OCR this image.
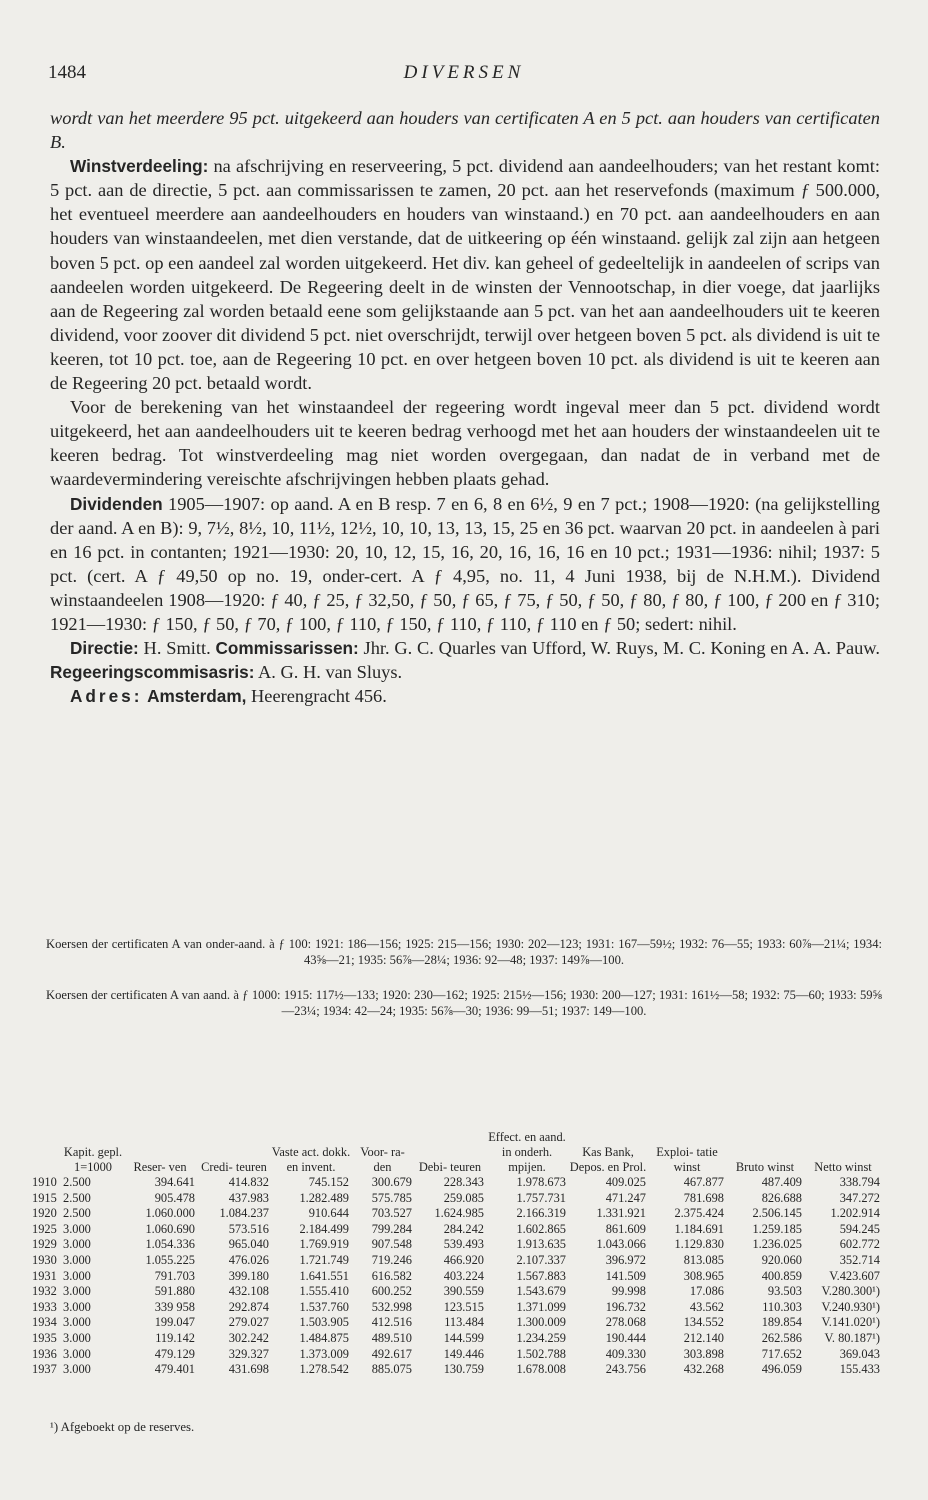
1484	DIVERSEN

wordt van het meerdere 95 pct. uitgekeerd aan houders van certificaten A en 5 pct. aan houders van certificaten B.

Winstverdeeling: na afschrijving en reserveering, 5 pct. dividend aan aandeelhouders; van het restant komt: 5 pct. aan de directie, 5 pct. aan commissarissen te zamen, 20 pct. aan het reservefonds (maximum ƒ 500.000, het eventueel meerdere aan aandeelhouders en houders van winstaand.) en 70 pct. aan aandeelhouders en aan houders van winstaandeelen, met dien verstande, dat de uitkeering op één winstaand. gelijk zal zijn aan hetgeen boven 5 pct. op een aandeel zal worden uitgekeerd. Het div. kan geheel of gedeeltelijk in aandeelen of scrips van aandeelen worden uitgekeerd. De Regeering deelt in de winsten der Vennootschap, in dier voege, dat jaarlijks aan de Regeering zal worden betaald eene som gelijkstaande aan 5 pct. van het aan aandeelhouders uit te keeren dividend, voor zoover dit dividend 5 pct. niet overschrijdt, terwijl over hetgeen boven 5 pct. als dividend is uit te keeren, tot 10 pct. toe, aan de Regeering 10 pct. en over hetgeen boven 10 pct. als dividend is uit te keeren aan de Regeering 20 pct. betaald wordt.

Voor de berekening van het winstaandeel der regeering wordt ingeval meer dan 5 pct. dividend wordt uitgekeerd, het aan aandeelhouders uit te keeren bedrag verhoogd met het aan houders der winstaandeelen uit te keeren bedrag. Tot winstverdeeling mag niet worden overgegaan, dan nadat de in verband met de waardevermindering vereischte afschrijvingen hebben plaats gehad.

Dividenden 1905—1907: op aand. A en B resp. 7 en 6, 8 en 6½, 9 en 7 pct.; 1908—1920: (na gelijkstelling der aand. A en B): 9, 7½, 8½, 10, 11½, 12½, 10, 10, 13, 13, 15, 25 en 36 pct. waarvan 20 pct. in aandeelen à pari en 16 pct. in contanten; 1921—1930: 20, 10, 12, 15, 16, 20, 16, 16, 16 en 10 pct.; 1931—1936: nihil; 1937: 5 pct. (cert. A ƒ 49,50 op no. 19, onder-cert. A ƒ 4,95, no. 11, 4 Juni 1938, bij de N.H.M.). Dividend winstaandeelen 1908—1920: ƒ 40, ƒ 25, ƒ 32,50, ƒ 50, ƒ 65, ƒ 75, ƒ 50, ƒ 50, ƒ 80, ƒ 80, ƒ 100, ƒ 200 en ƒ 310; 1921—1930: ƒ 150, ƒ 50, ƒ 70, ƒ 100, ƒ 110, ƒ 150, ƒ 110, ƒ 110, ƒ 110 en ƒ 50; sedert: nihil.

Directie: H. Smitt. Commissarissen: Jhr. G. C. Quarles van Ufford, W. Ruys, M. C. Koning en A. A. Pauw. Regeeringscommisasris: A. G. H. van Sluys.

Adres: Amsterdam, Heerengracht 456.

Koersen der certificaten A van onder-aand. à ƒ 100: 1921: 186—156; 1925: 215—156; 1930: 202—123; 1931: 167—59½; 1932: 76—55; 1933: 60⅞—21¼; 1934: 43⅝—21; 1935: 56⅞—28¼; 1936: 92—48; 1937: 149⅞—100.
Koersen der certificaten A van aand. à ƒ 1000: 1915: 117½—133; 1920: 230—162; 1925: 215½—156; 1930: 200—127; 1931: 161½—58; 1932: 75—60; 1933: 59⅝—23¼; 1934: 42—24; 1935: 56⅞—30; 1936: 99—51; 1937: 149—100.
	Kapit. gepl. 1=1000	Reser- ven	Credi- teuren	Vaste act. dokk. en invent.	Voor- ra- den	Debi- teuren	Effect. en aand. in onderh. mpijen.	Kas Bank, Depos. en Prol.	Exploi- tatie winst	Bruto winst	Netto winst
1910	2.500	394.641	414.832	745.152	300.679	228.343	1.978.673	409.025	467.877	487.409	338.794
1915	2.500	905.478	437.983	1.282.489	575.785	259.085	1.757.731	471.247	781.698	826.688	347.272
1920	2.500	1.060.000	1.084.237	910.644	703.527	1.624.985	2.166.319	1.331.921	2.375.424	2.506.145	1.202.914
1925	3.000	1.060.690	573.516	2.184.499	799.284	284.242	1.602.865	861.609	1.184.691	1.259.185	594.245
1929	3.000	1.054.336	965.040	1.769.919	907.548	539.493	1.913.635	1.043.066	1.129.830	1.236.025	602.772
1930	3.000	1.055.225	476.026	1.721.749	719.246	466.920	2.107.337	396.972	813.085	920.060	352.714
1931	3.000	791.703	399.180	1.641.551	616.582	403.224	1.567.883	141.509	308.965	400.859	V.423.607
1932	3.000	591.880	432.108	1.555.410	600.252	390.559	1.543.679	99.998	17.086	93.503	V.280.300¹)
1933	3.000	339 958	292.874	1.537.760	532.998	123.515	1.371.099	196.732	43.562	110.303	V.240.930¹)
1934	3.000	199.047	279.027	1.503.905	412.516	113.484	1.300.009	278.068	134.552	189.854	V.141.020¹)
1935	3.000	119.142	302.242	1.484.875	489.510	144.599	1.234.259	190.444	212.140	262.586	V. 80.187¹)
1936	3.000	479.129	329.327	1.373.009	492.617	149.446	1.502.788	409.330	303.898	717.652	369.043
1937	3.000	479.401	431.698	1.278.542	885.075	130.759	1.678.008	243.756	432.268	496.059	155.433
¹) Afgeboekt op de reserves.
